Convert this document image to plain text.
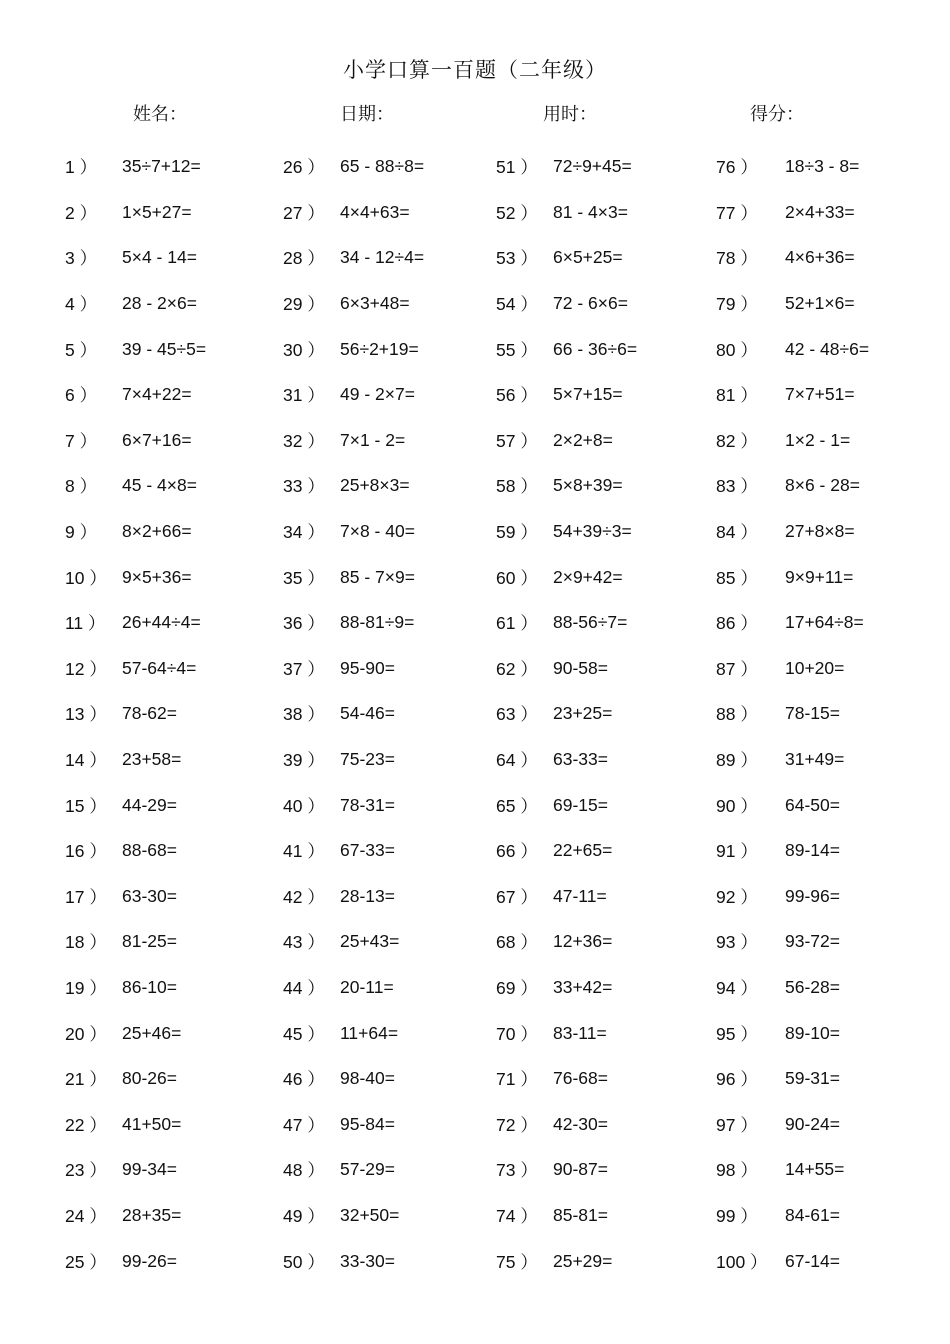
小学口算一百题（二年级）
姓名：	日期：	用时：	得分：
1 ） 35÷7+12=
2 ） 1×5+27=
3 ） 5×4 - 14=
4 ） 28 - 2×6=
5 ） 39 - 45÷5=
6 ） 7×4+22=
7 ） 6×7+16=
8 ） 45 - 4×8=
9 ） 8×2+66=
10 ） 9×5+36=
11 ） 26+44÷4=
12 ） 57-64÷4=
13 ） 78-62=
14 ） 23+58=
15 ） 44-29=
16 ） 88-68=
17 ） 63-30=
18 ） 81-25=
19 ） 86-10=
20 ） 25+46=
21 ） 80-26=
22 ） 41+50=
23 ） 99-34=
24 ） 28+35=
25 ） 99-26=
26 ） 65 - 88÷8=
27 ） 4×4+63=
28 ） 34 - 12÷4=
29 ） 6×3+48=
30 ） 56÷2+19=
31 ） 49 - 2×7=
32 ） 7×1 - 2=
33 ） 25+8×3=
34 ） 7×8 - 40=
35 ） 85 - 7×9=
36 ） 88-81÷9=
37 ） 95-90=
38 ） 54-46=
39 ） 75-23=
40 ） 78-31=
41 ） 67-33=
42 ） 28-13=
43 ） 25+43=
44 ） 20-11=
45 ） 11+64=
46 ） 98-40=
47 ） 95-84=
48 ） 57-29=
49 ） 32+50=
50 ） 33-30=
51 ） 72÷9+45=
52 ） 81 - 4×3=
53 ） 6×5+25=
54 ） 72 - 6×6=
55 ） 66 - 36÷6=
56 ） 5×7+15=
57 ） 2×2+8=
58 ） 5×8+39=
59 ） 54+39÷3=
60 ） 2×9+42=
61 ） 88-56÷7=
62 ） 90-58=
63 ） 23+25=
64 ） 63-33=
65 ） 69-15=
66 ） 22+65=
67 ） 47-11=
68 ） 12+36=
69 ） 33+42=
70 ） 83-11=
71 ） 76-68=
72 ） 42-30=
73 ） 90-87=
74 ） 85-81=
75 ） 25+29=
76 ） 18÷3 - 8=
77 ） 2×4+33=
78 ） 4×6+36=
79 ） 52+1×6=
80 ） 42 - 48÷6=
81 ） 7×7+51=
82 ） 1×2 - 1=
83 ） 8×6 - 28=
84 ） 27+8×8=
85 ） 9×9+11=
86 ） 17+64÷8=
87 ） 10+20=
88 ） 78-15=
89 ） 31+49=
90 ） 64-50=
91 ） 89-14=
92 ） 99-96=
93 ） 93-72=
94 ） 56-28=
95 ） 89-10=
96 ） 59-31=
97 ） 90-24=
98 ） 14+55=
99 ） 84-61=
100 ） 67-14=
